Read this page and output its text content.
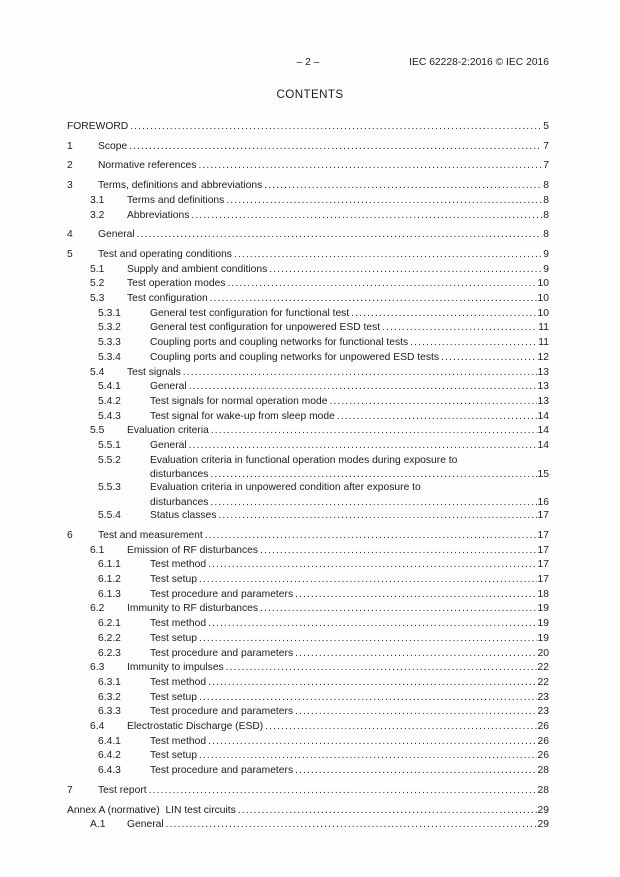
– 2 –	IEC 62228-2:2016 © IEC 2016
CONTENTS
FOREWORD .....	5
1	Scope .....	7
2	Normative references .....	7
3	Terms, definitions and abbreviations .....	8
3.1	Terms and definitions .....	8
3.2	Abbreviations .....	8
4	General .....	8
5	Test and operating conditions .....	9
5.1	Supply and ambient conditions .....	9
5.2	Test operation modes .....	10
5.3	Test configuration .....	10
5.3.1	General test configuration for functional test .....	10
5.3.2	General test configuration for unpowered ESD test .....	11
5.3.3	Coupling ports and coupling networks for functional tests .....	11
5.3.4	Coupling ports and coupling networks for unpowered ESD tests .....	12
5.4	Test signals .....	13
5.4.1	General .....	13
5.4.2	Test signals for normal operation mode .....	13
5.4.3	Test signal for wake-up from sleep mode .....	14
5.5	Evaluation criteria .....	14
5.5.1	General .....	14
5.5.2	Evaluation criteria in functional operation modes during exposure to
disturbances .....	15
5.5.3	Evaluation criteria in unpowered condition after exposure to
disturbances .....	16
5.5.4	Status classes .....	17
6	Test and measurement .....	17
6.1	Emission of RF disturbances .....	17
6.1.1	Test method .....	17
6.1.2	Test setup .....	17
6.1.3	Test procedure and parameters .....	18
6.2	Immunity to RF disturbances .....	19
6.2.1	Test method .....	19
6.2.2	Test setup .....	19
6.2.3	Test procedure and parameters .....	20
6.3	Immunity to impulses .....	22
6.3.1	Test method .....	22
6.3.2	Test setup .....	23
6.3.3	Test procedure and parameters .....	23
6.4	Electrostatic Discharge (ESD) .....	26
6.4.1	Test method .....	26
6.4.2	Test setup .....	26
6.4.3	Test procedure and parameters .....	28
7	Test report .....	28
Annex A (normative)  LIN test circuits .....	29
A.1	General .....	29
